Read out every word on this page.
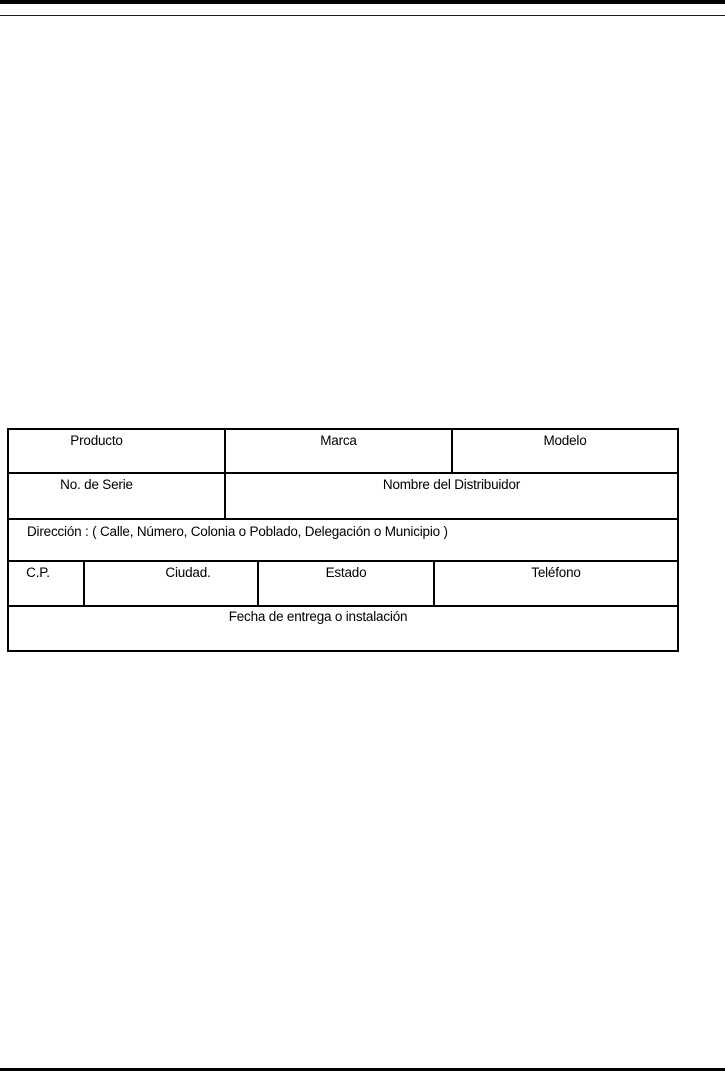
Producto	Marca	Modelo
No. de Serie	Nombre del Distribuidor
Dirección : ( Calle, Número, Colonia o Poblado, Delegación o Municipio )
C.P.	Ciudad.	Estado	Teléfono
Fecha de entrega o instalación
